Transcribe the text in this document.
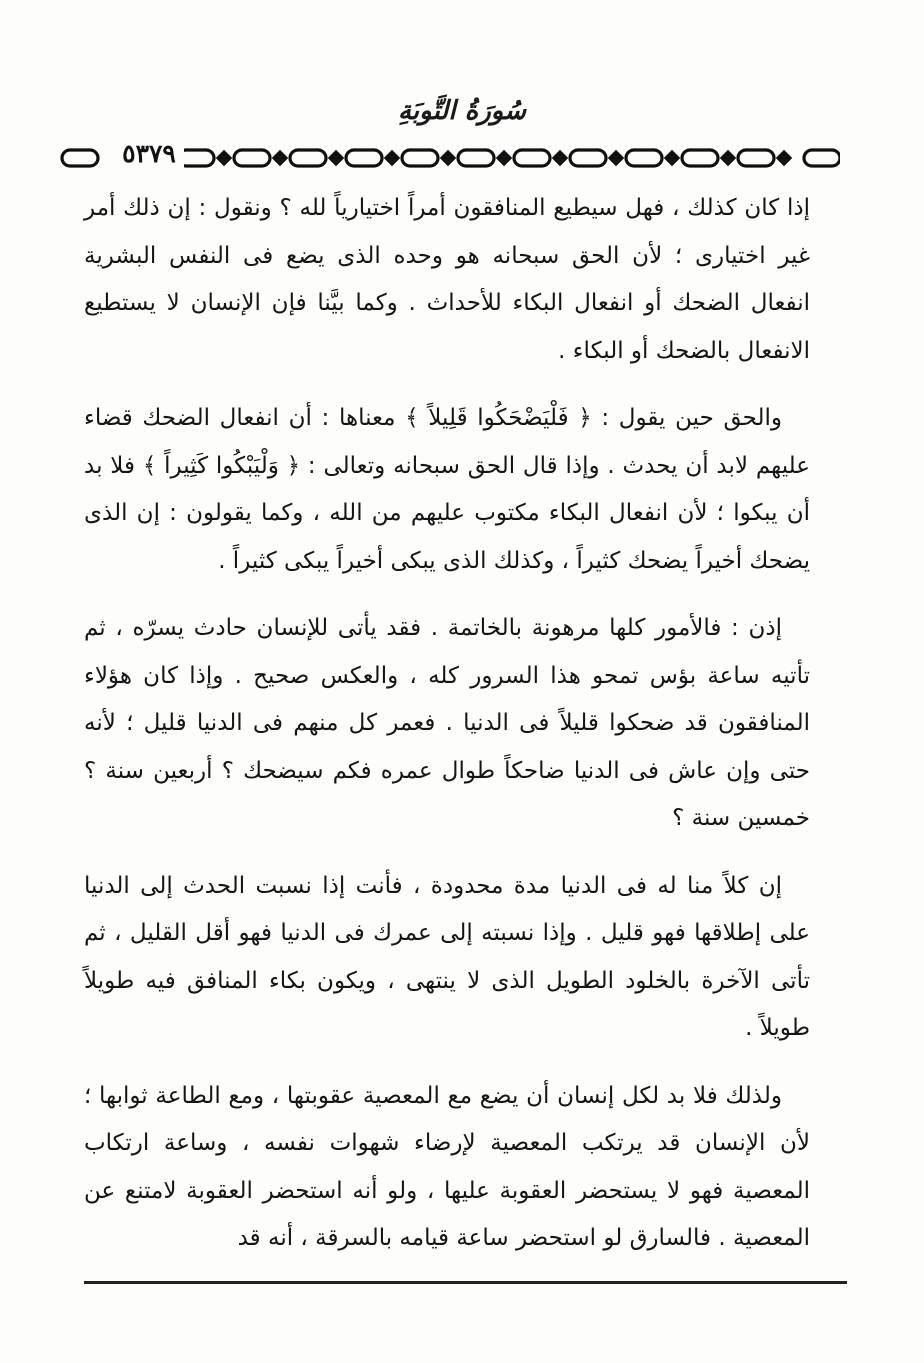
سُورَةُ التَّوبَةِ
٥٣٧٩

إذا كان كذلك ، فهل سيطيع المنافقون أمراً اختيارياً لله ؟ ونقول : إن ذلك أمر غير اختيارى ؛ لأن الحق سبحانه هو وحده الذى يضع فى النفس البشرية انفعال الضحك أو انفعال البكاء للأحداث . وكما بيَّنا فإن الإنسان لا يستطيع الانفعال بالضحك أو البكاء .

والحق حين يقول : ﴿ فَلْيَضْحَكُوا قَلِيلاً ﴾ معناها : أن انفعال الضحك قضاء عليهم لابد أن يحدث . وإذا قال الحق سبحانه وتعالى : ﴿ وَلْيَبْكُوا كَثِيراً ﴾ فلا بد أن يبكوا ؛ لأن انفعال البكاء مكتوب عليهم من الله ، وكما يقولون : إن الذى يضحك أخيراً يضحك كثيراً ، وكذلك الذى يبكى أخيراً يبكى كثيراً .

إذن : فالأمور كلها مرهونة بالخاتمة . فقد يأتى للإنسان حادث يسرّه ، ثم تأتيه ساعة بؤس تمحو هذا السرور كله ، والعكس صحيح . وإذا كان هؤلاء المنافقون قد ضحكوا قليلاً فى الدنيا . فعمر كل منهم فى الدنيا قليل ؛ لأنه حتى وإن عاش فى الدنيا ضاحكاً طوال عمره فكم سيضحك ؟ أربعين سنة ؟ خمسين سنة ؟

إن كلاً منا له فى الدنيا مدة محدودة ، فأنت إذا نسبت الحدث إلى الدنيا على إطلاقها فهو قليل . وإذا نسبته إلى عمرك فى الدنيا فهو أقل القليل ، ثم تأتى الآخرة بالخلود الطويل الذى لا ينتهى ، ويكون بكاء المنافق فيه طويلاً طويلاً .

ولذلك فلا بد لكل إنسان أن يضع مع المعصية عقوبتها ، ومع الطاعة ثوابها ؛ لأن الإنسان قد يرتكب المعصية لإرضاء شهوات نفسه ، وساعة ارتكاب المعصية فهو لا يستحضر العقوبة عليها ، ولو أنه استحضر العقوبة لامتنع عن المعصية . فالسارق لو استحضر ساعة قيامه بالسرقة ، أنه قد
